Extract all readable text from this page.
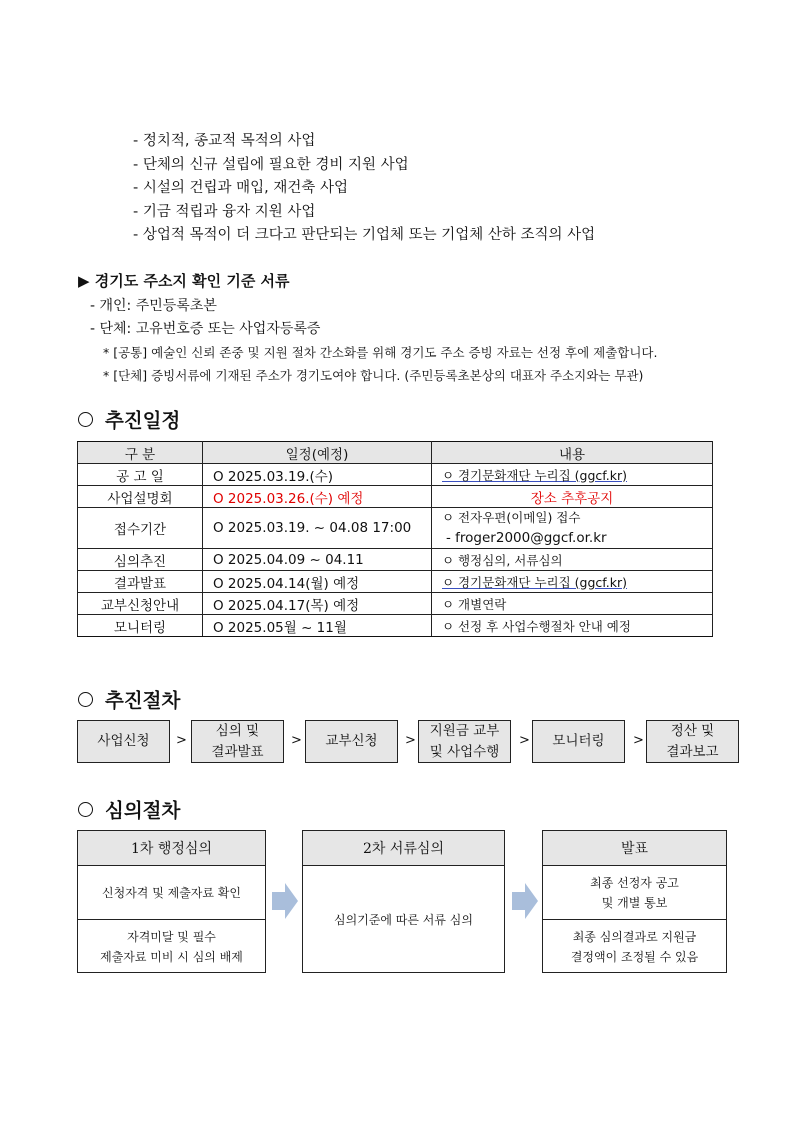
- 정치적, 종교적 목적의 사업
- 단체의 신규 설립에 필요한 경비 지원 사업
- 시설의 건립과 매입, 재건축 사업
- 기금 적립과 융자 지원 사업
- 상업적 목적이 더 크다고 판단되는 기업체 또는 기업체 산하 조직의 사업
▶ 경기도 주소지 확인 기준 서류
- 개인: 주민등록초본
- 단체: 고유번호증 또는 사업자등록증
* [공통] 예술인 신뢰 존중 및 지원 절차 간소화를 위해 경기도 주소 증빙 자료는 선정 후에 제출합니다.
* [단체] 증빙서류에 기재된 주소가 경기도여야 합니다. (주민등록초본상의 대표자 주소지와는 무관)
추진일정
구 분	일정(예정)	내용
공 고 일	O 2025.03.19.(수)	ㅇ 경기문화재단 누리집 (ggcf.kr)
사업설명회	O 2025.03.26.(수) 예정	장소 추후공지
접수기간	O 2025.03.19. ~ 04.08 17:00	ㅇ 전자우편(이메일) 접수
- froger2000@ggcf.or.kr

심의추진	O 2025.04.09 ~ 04.11	ㅇ 행정심의, 서류심의
결과발표	O 2025.04.14(월) 예정	ㅇ 경기문화재단 누리집 (ggcf.kr)
교부신청안내	O 2025.04.17(목) 예정	ㅇ 개별연락
모니터링	O 2025.05월 ~ 11월	ㅇ 선정 후 사업수행절차 안내 예정
추진절차
사업신청 >
심의 및
결과발표
> 교부신청 >
지원금 교부
및 사업수행
> 모니터링 >
정산 및
결과보고
심의절차
1차 행정심의
신청자격 및 제출자료 확인
자격미달 및 필수
제출자료 미비 시 심의 배제
2차 서류심의
심의기준에 따른 서류 심의
발표
최종 선정자 공고
및 개별 통보
최종 심의결과로 지원금
결정액이 조정될 수 있음
